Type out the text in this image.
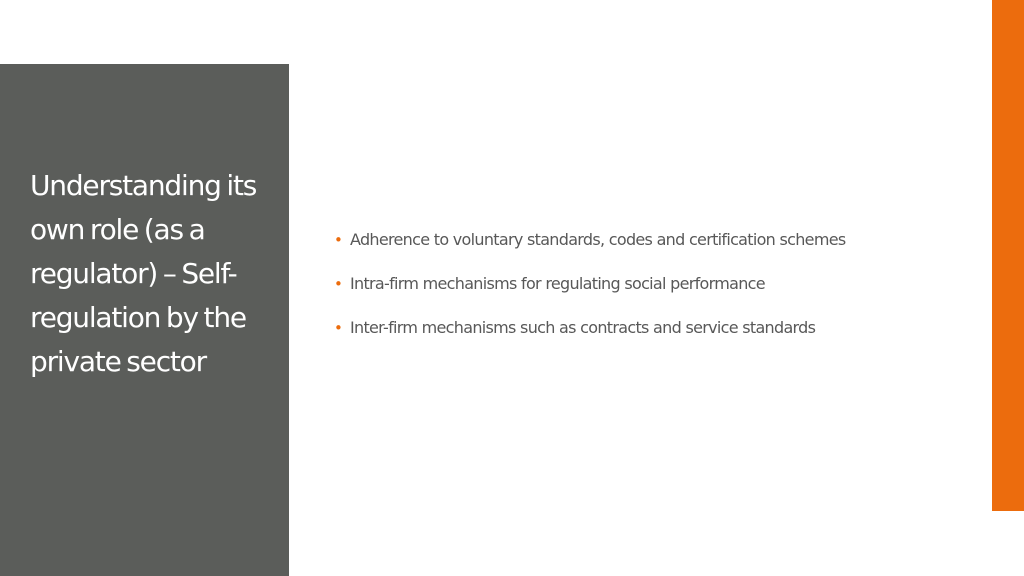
Understanding its own role (as a regulator) – Self-regulation by the private sector
• Adherence to voluntary standards, codes and certification schemes
• Intra-firm mechanisms for regulating social performance
• Inter-firm mechanisms such as contracts and service standards
